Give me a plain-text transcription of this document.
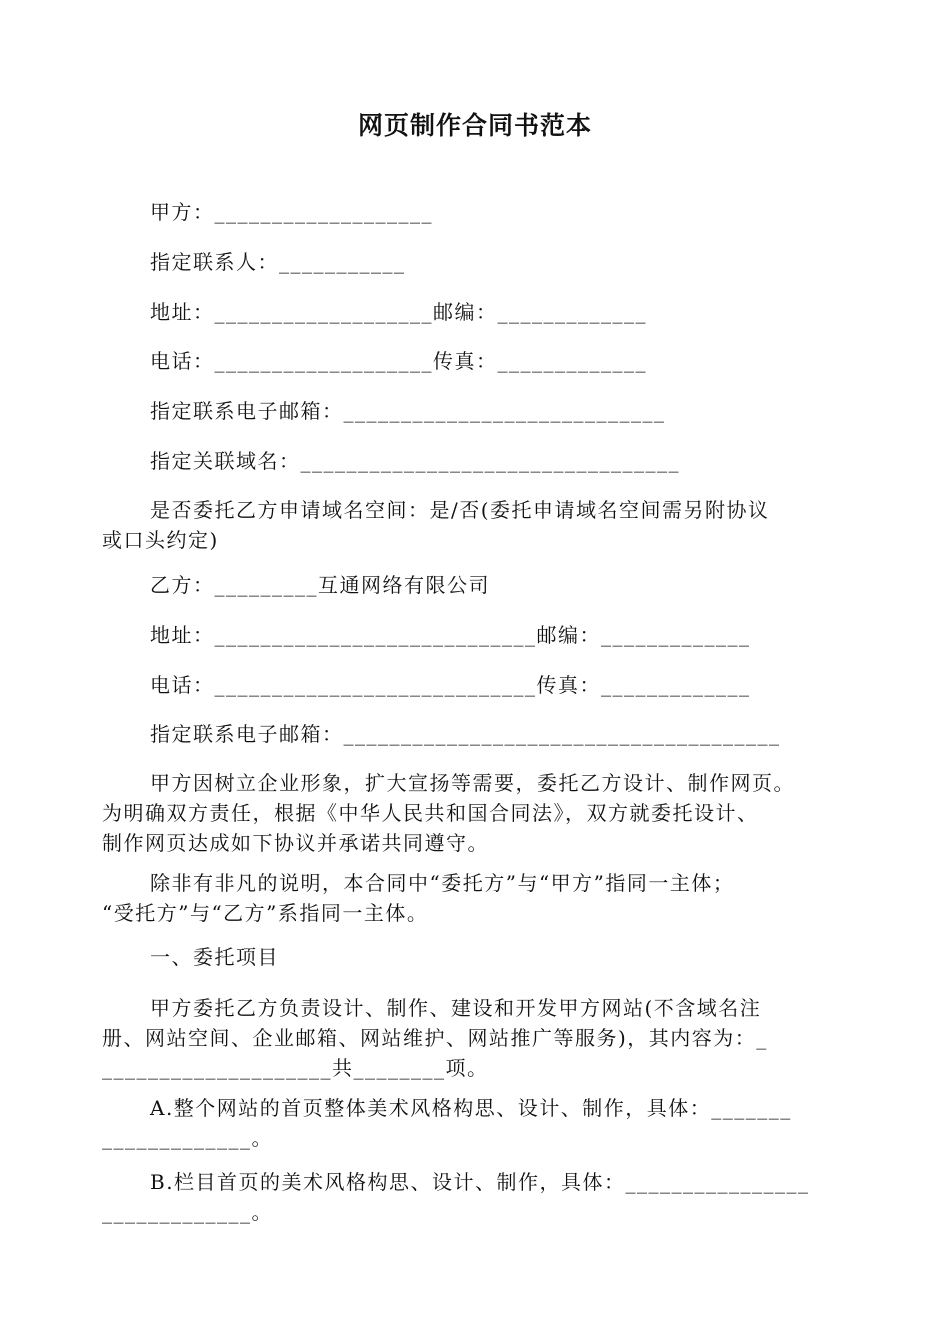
网页制作合同书范本
甲方：___________________
指定联系人：___________
地址：___________________邮编：_____________
电话：___________________传真：_____________
指定联系电子邮箱：____________________________
指定关联域名：_________________________________
是否委托乙方申请域名空间：是/否(委托申请域名空间需另附协议
或口头约定)
乙方：_________互通网络有限公司
地址：____________________________邮编：_____________
电话：____________________________传真：_____________
指定联系电子邮箱：______________________________________
甲方因树立企业形象，扩大宣扬等需要，委托乙方设计、制作网页。
为明确双方责任，根据《中华人民共和国合同法》，双方就委托设计、
制作网页达成如下协议并承诺共同遵守。
除非有非凡的说明，本合同中“委托方”与“甲方”指同一主体；
“受托方”与“乙方”系指同一主体。
一、委托项目
甲方委托乙方负责设计、制作、建设和开发甲方网站(不含域名注
册、网站空间、企业邮箱、网站维护、网站推广等服务)，其内容为：_
____________________共________项。
A.整个网站的首页整体美术风格构思、设计、制作，具体：_______
_____________。
B.栏目首页的美术风格构思、设计、制作，具体：________________
_____________。
